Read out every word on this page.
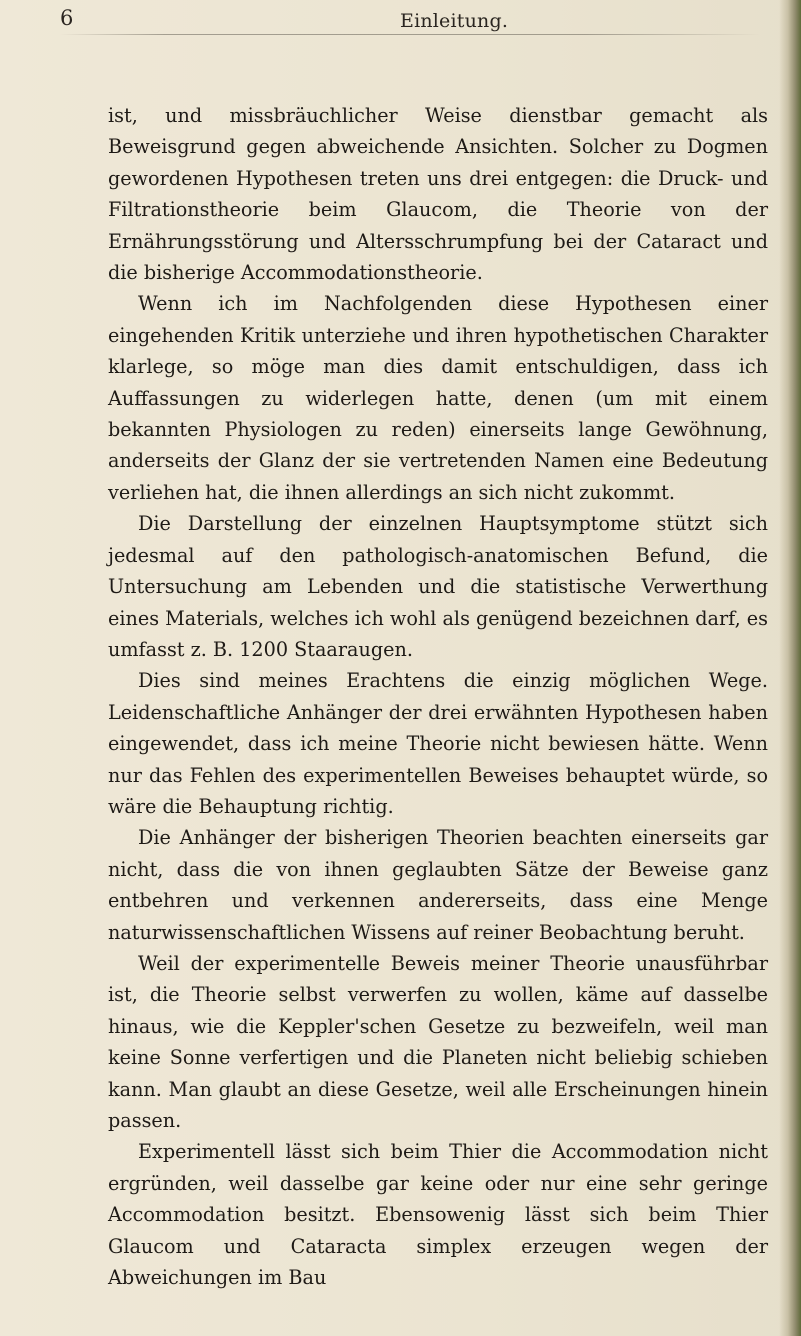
6	Einleitung.

ist, und missbräuchlicher Weise dienstbar gemacht als Beweisgrund gegen abweichende Ansichten. Solcher zu Dogmen gewordenen Hypothesen treten uns drei entgegen: die Druck- und Filtrationstheorie beim Glaucom, die Theorie von der Ernährungsstörung und Altersschrumpfung bei der Cataract und die bisherige Accommodationstheorie.

Wenn ich im Nachfolgenden diese Hypothesen einer eingehenden Kritik unterziehe und ihren hypothetischen Charakter klarlege, so möge man dies damit entschuldigen, dass ich Auffassungen zu widerlegen hatte, denen (um mit einem bekannten Physiologen zu reden) einerseits lange Gewöhnung, anderseits der Glanz der sie vertretenden Namen eine Bedeutung verliehen hat, die ihnen allerdings an sich nicht zukommt.

Die Darstellung der einzelnen Hauptsymptome stützt sich jedesmal auf den pathologisch-anatomischen Befund, die Untersuchung am Lebenden und die statistische Verwerthung eines Materials, welches ich wohl als genügend bezeichnen darf, es umfasst z. B. 1200 Staaraugen.

Dies sind meines Erachtens die einzig möglichen Wege. Leidenschaftliche Anhänger der drei erwähnten Hypothesen haben eingewendet, dass ich meine Theorie nicht bewiesen hätte. Wenn nur das Fehlen des experimentellen Beweises behauptet würde, so wäre die Behauptung richtig.

Die Anhänger der bisherigen Theorien beachten einerseits gar nicht, dass die von ihnen geglaubten Sätze der Beweise ganz entbehren und verkennen andererseits, dass eine Menge naturwissenschaftlichen Wissens auf reiner Beobachtung beruht.

Weil der experimentelle Beweis meiner Theorie unausführbar ist, die Theorie selbst verwerfen zu wollen, käme auf dasselbe hinaus, wie die Keppler'schen Gesetze zu bezweifeln, weil man keine Sonne verfertigen und die Planeten nicht beliebig schieben kann. Man glaubt an diese Gesetze, weil alle Erscheinungen hinein passen.

Experimentell lässt sich beim Thier die Accommodation nicht ergründen, weil dasselbe gar keine oder nur eine sehr geringe Accommodation besitzt. Ebensowenig lässt sich beim Thier Glaucom und Cataracta simplex erzeugen wegen der Abweichungen im Bau
